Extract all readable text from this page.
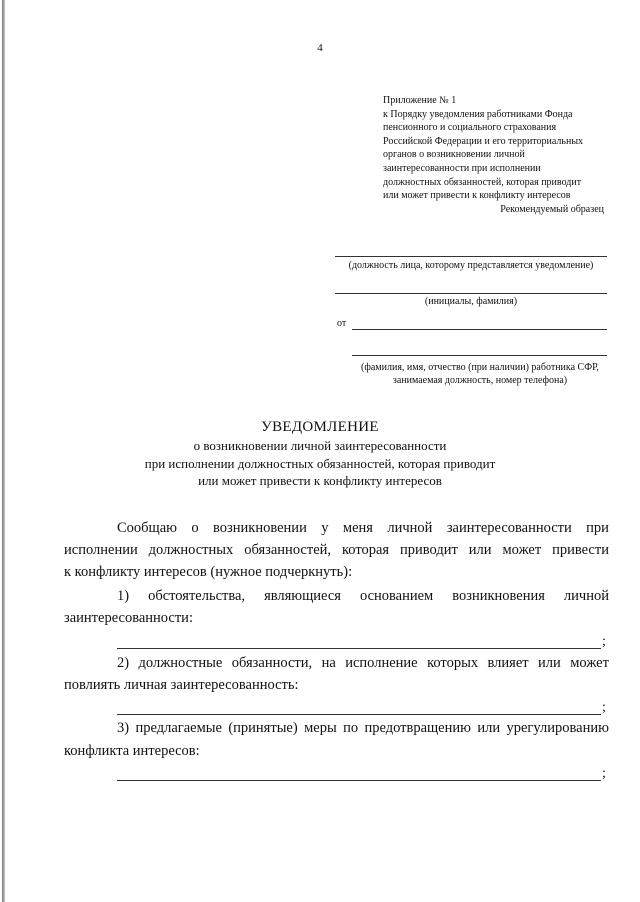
4
Приложение № 1
к Порядку уведомления работниками Фонда
пенсионного и социального страхования
Российской Федерации и его территориальных
органов о возникновении личной
заинтересованности при исполнении
должностных обязанностей, которая приводит
или может привести к конфликту интересов
Рекомендуемый образец
(должность лица, которому представляется уведомление)
(инициалы, фамилия)
от
(фамилия, имя, отчество (при наличии) работника СФР,
занимаемая должность, номер телефона)
УВЕДОМЛЕНИЕ
о возникновении личной заинтересованности
при исполнении должностных обязанностей, которая приводит
или может привести к конфликту интересов
Сообщаю о возникновении у меня личной заинтересованности при
исполнении должностных обязанностей, которая приводит или может привести
к конфликту интересов (нужное подчеркнуть):
1) обстоятельства, являющиеся основанием возникновения личной
заинтересованности:
;
2) должностные обязанности, на исполнение которых влияет или может
повлиять личная заинтересованность:
;
3) предлагаемые (принятые) меры по предотвращению или урегулированию
конфликта интересов:
;
